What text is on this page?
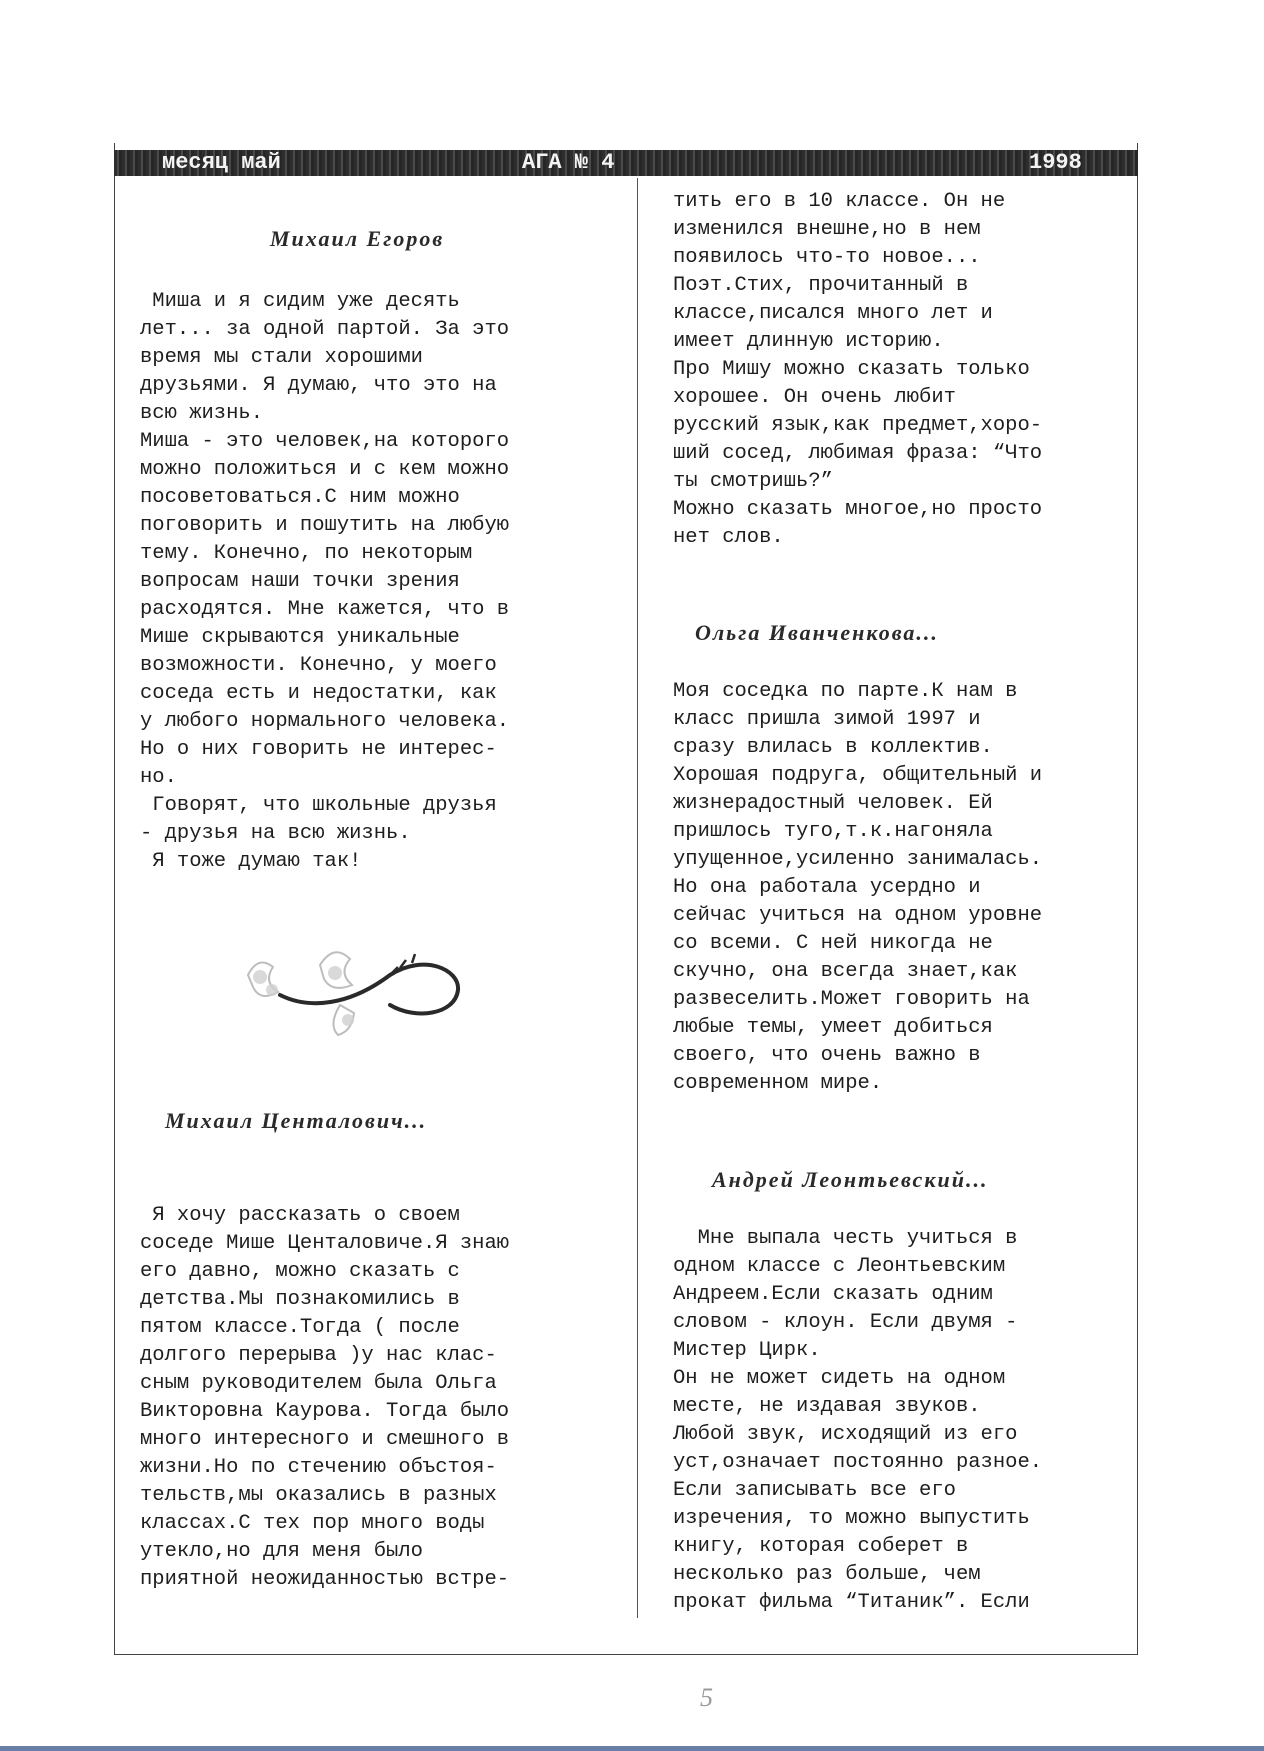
месяц май	АГА № 4	1998
Михаил Егоров

Миша и я сидим уже десять

лет... за одной партой. За это

время мы стали хорошими

друзьями. Я думаю, что это на

всю жизнь.

Миша - это человек,на которого

можно положиться и с кем можно

посоветоваться.С ним можно

поговорить и пошутить на любую

тему. Конечно, по некоторым

вопросам наши точки зрения

расходятся. Мне кажется, что в

Мише скрываются уникальные

возможности. Конечно, у моего

соседа есть и недостатки, как

у любого нормального человека.

Но о них говорить не интерес-

но.

Говорят, что школьные друзья

- друзья на всю жизнь.

Я тоже думаю так!

Михаил Центалович...

Я хочу рассказать о своем

соседе Мише Центаловиче.Я знаю

его давно, можно сказать с

детства.Мы познакомились в

пятом классе.Тогда ( после

долгого перерыва )у нас клас-

сным руководителем была Ольга

Викторовна Каурова. Тогда было

много интересного и смешного в

жизни.Но по стечению объстоя-

тельств,мы оказались в разных

классах.С тех пор много воды

утекло,но для меня было

приятной неожиданностью встре-

тить его в 10 классе. Он не

изменился внешне,но в нем

появилось что-то новое...

Поэт.Стих, прочитанный в

классе,писался много лет и

имеет длинную историю.

Про Мишу можно сказать только

хорошее. Он очень любит

русский язык,как предмет,хоро-

ший сосед, любимая фраза: “Что

ты смотришь?”

Можно сказать многое,но просто

нет слов.

Ольга Иванченкова...

Моя соседка по парте.К нам в

класс пришла зимой 1997 и

сразу влилась в коллектив.

Хорошая подруга, общительный и

жизнерадостный человек. Ей

пришлось туго,т.к.нагоняла

упущенное,усиленно занималась.

Но она работала усердно и

сейчас учиться на одном уровне

со всеми. С ней никогда не

скучно, она всегда знает,как

развеселить.Может говорить на

любые темы, умеет добиться

своего, что очень важно в

современном мире.

Андрей Леонтьевский...

Мне выпала честь учиться в

одном классе с Леонтьевским

Андреем.Если сказать одним

словом - клоун. Если двумя -

Мистер Цирк.

Он не может сидеть на одном

месте, не издавая звуков.

Любой звук, исходящий из его

уст,означает постоянно разное.

Если записывать все его

изречения, то можно выпустить

книгу, которая соберет в

несколько раз больше, чем

прокат фильма “Титаник”. Если

5
